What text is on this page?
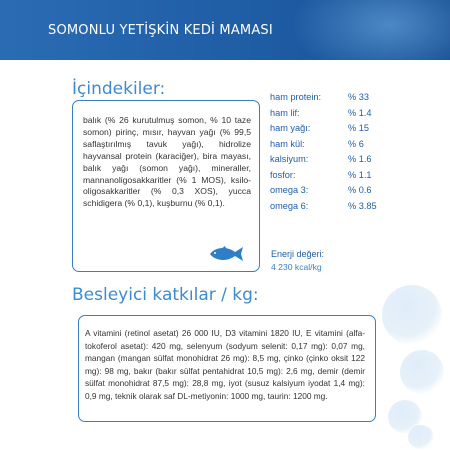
SOMONLU YETİŞKİN KEDİ MAMASI
İçindekiler:
balık (% 26 kurutulmuş somon, % 10 taze somon) pirinç, mısır, hayvan yağı (% 99,5 saflaştırılmış tavuk yağı), hidrolize hayvansal protein (karaciğer), bira mayası, balık yağı (somon yağı), mineraller, mannanoligosakkaritler (% 1 MOS), ksilo-oligosakkaritler (% 0,3 XOS), yucca schidigera (% 0,1), kuşburnu (% 0,1).
ham protein:	% 33
ham lif:	% 1.4
ham yağı:	% 15
ham kül:	% 6
kalsiyum:	% 1.6
fosfor:	% 1.1
omega 3:	% 0.6
omega 6:	% 3.85
Enerji değeri:
4 230 kcal/kg
Besleyici katkılar / kg:
A vitamini (retinol asetat) 26 000 IU, D3 vitamini 1820 IU, E vitamini (alfa-tokoferol asetat): 420 mg, selenyum (sodyum selenit: 0,17 mg): 0,07 mg, mangan (mangan sülfat monohidrat 26 mg): 8,5 mg, çinko (çinko oksit 122 mg): 98 mg, bakır (bakır sülfat pentahidrat 10,5 mg): 2,6 mg, demir (demir sülfat monohidrat 87,5 mg): 28,8 mg, iyot (susuz kalsiyum iyodat 1,4 mg): 0,9 mg, teknik olarak saf DL-metiyonin: 1000 mg, taurin: 1200 mg.
